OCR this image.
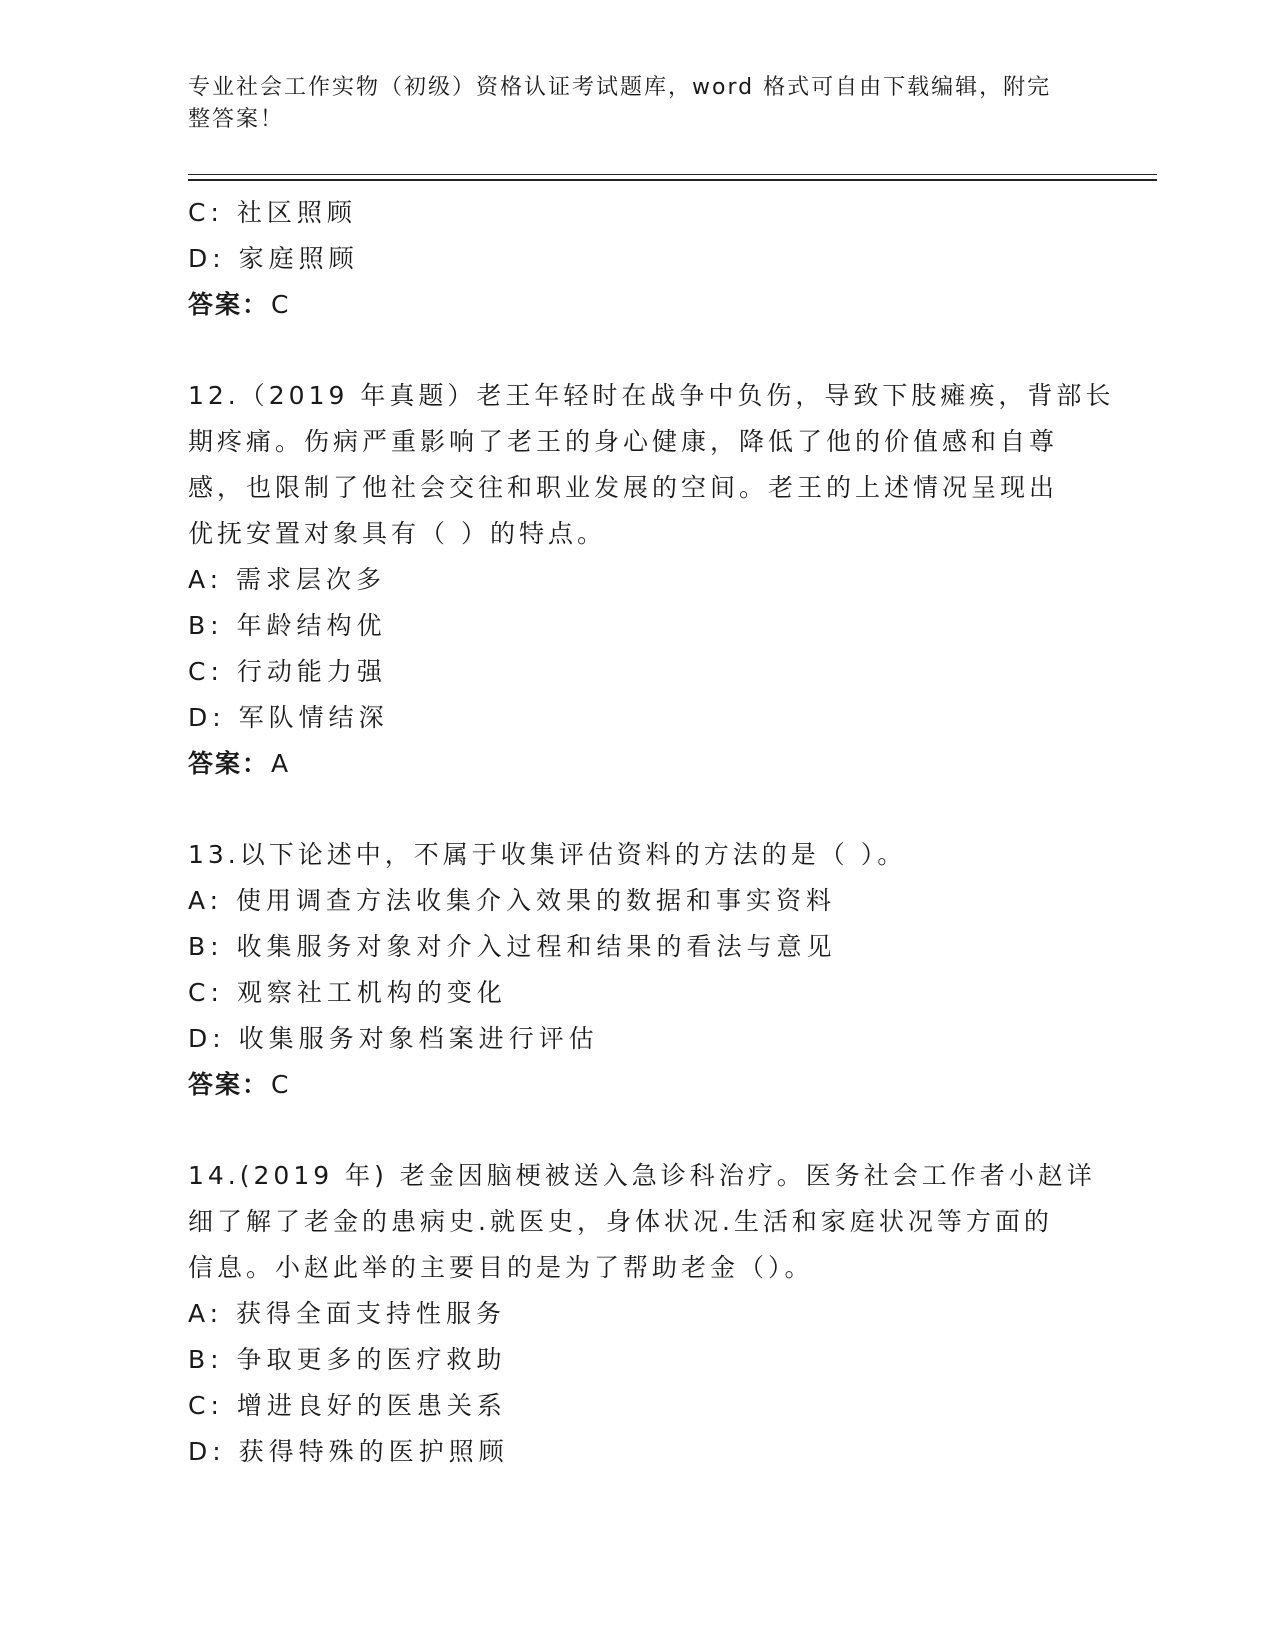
专业社会工作实物（初级）资格认证考试题库，word 格式可自由下载编辑，附完
整答案！
C: 社区照顾
D: 家庭照顾
答案：C
12.（2019 年真题）老王年轻时在战争中负伤，导致下肢瘫痪，背部长
期疼痛。伤病严重影响了老王的身心健康，降低了他的价值感和自尊
感，也限制了他社会交往和职业发展的空间。老王的上述情况呈现出
优抚安置对象具有（ ）的特点。
A: 需求层次多
B: 年龄结构优
C: 行动能力强
D: 军队情结深
答案：A
13.以下论述中，不属于收集评估资料的方法的是（ ）。
A: 使用调查方法收集介入效果的数据和事实资料
B: 收集服务对象对介入过程和结果的看法与意见
C: 观察社工机构的变化
D: 收集服务对象档案进行评估
答案：C
14.(2019 年) 老金因脑梗被送入急诊科治疗。医务社会工作者小赵详
细了解了老金的患病史.就医史，身体状况.生活和家庭状况等方面的
信息。小赵此举的主要目的是为了帮助老金（）。
A: 获得全面支持性服务
B: 争取更多的医疗救助
C: 增进良好的医患关系
D: 获得特殊的医护照顾
